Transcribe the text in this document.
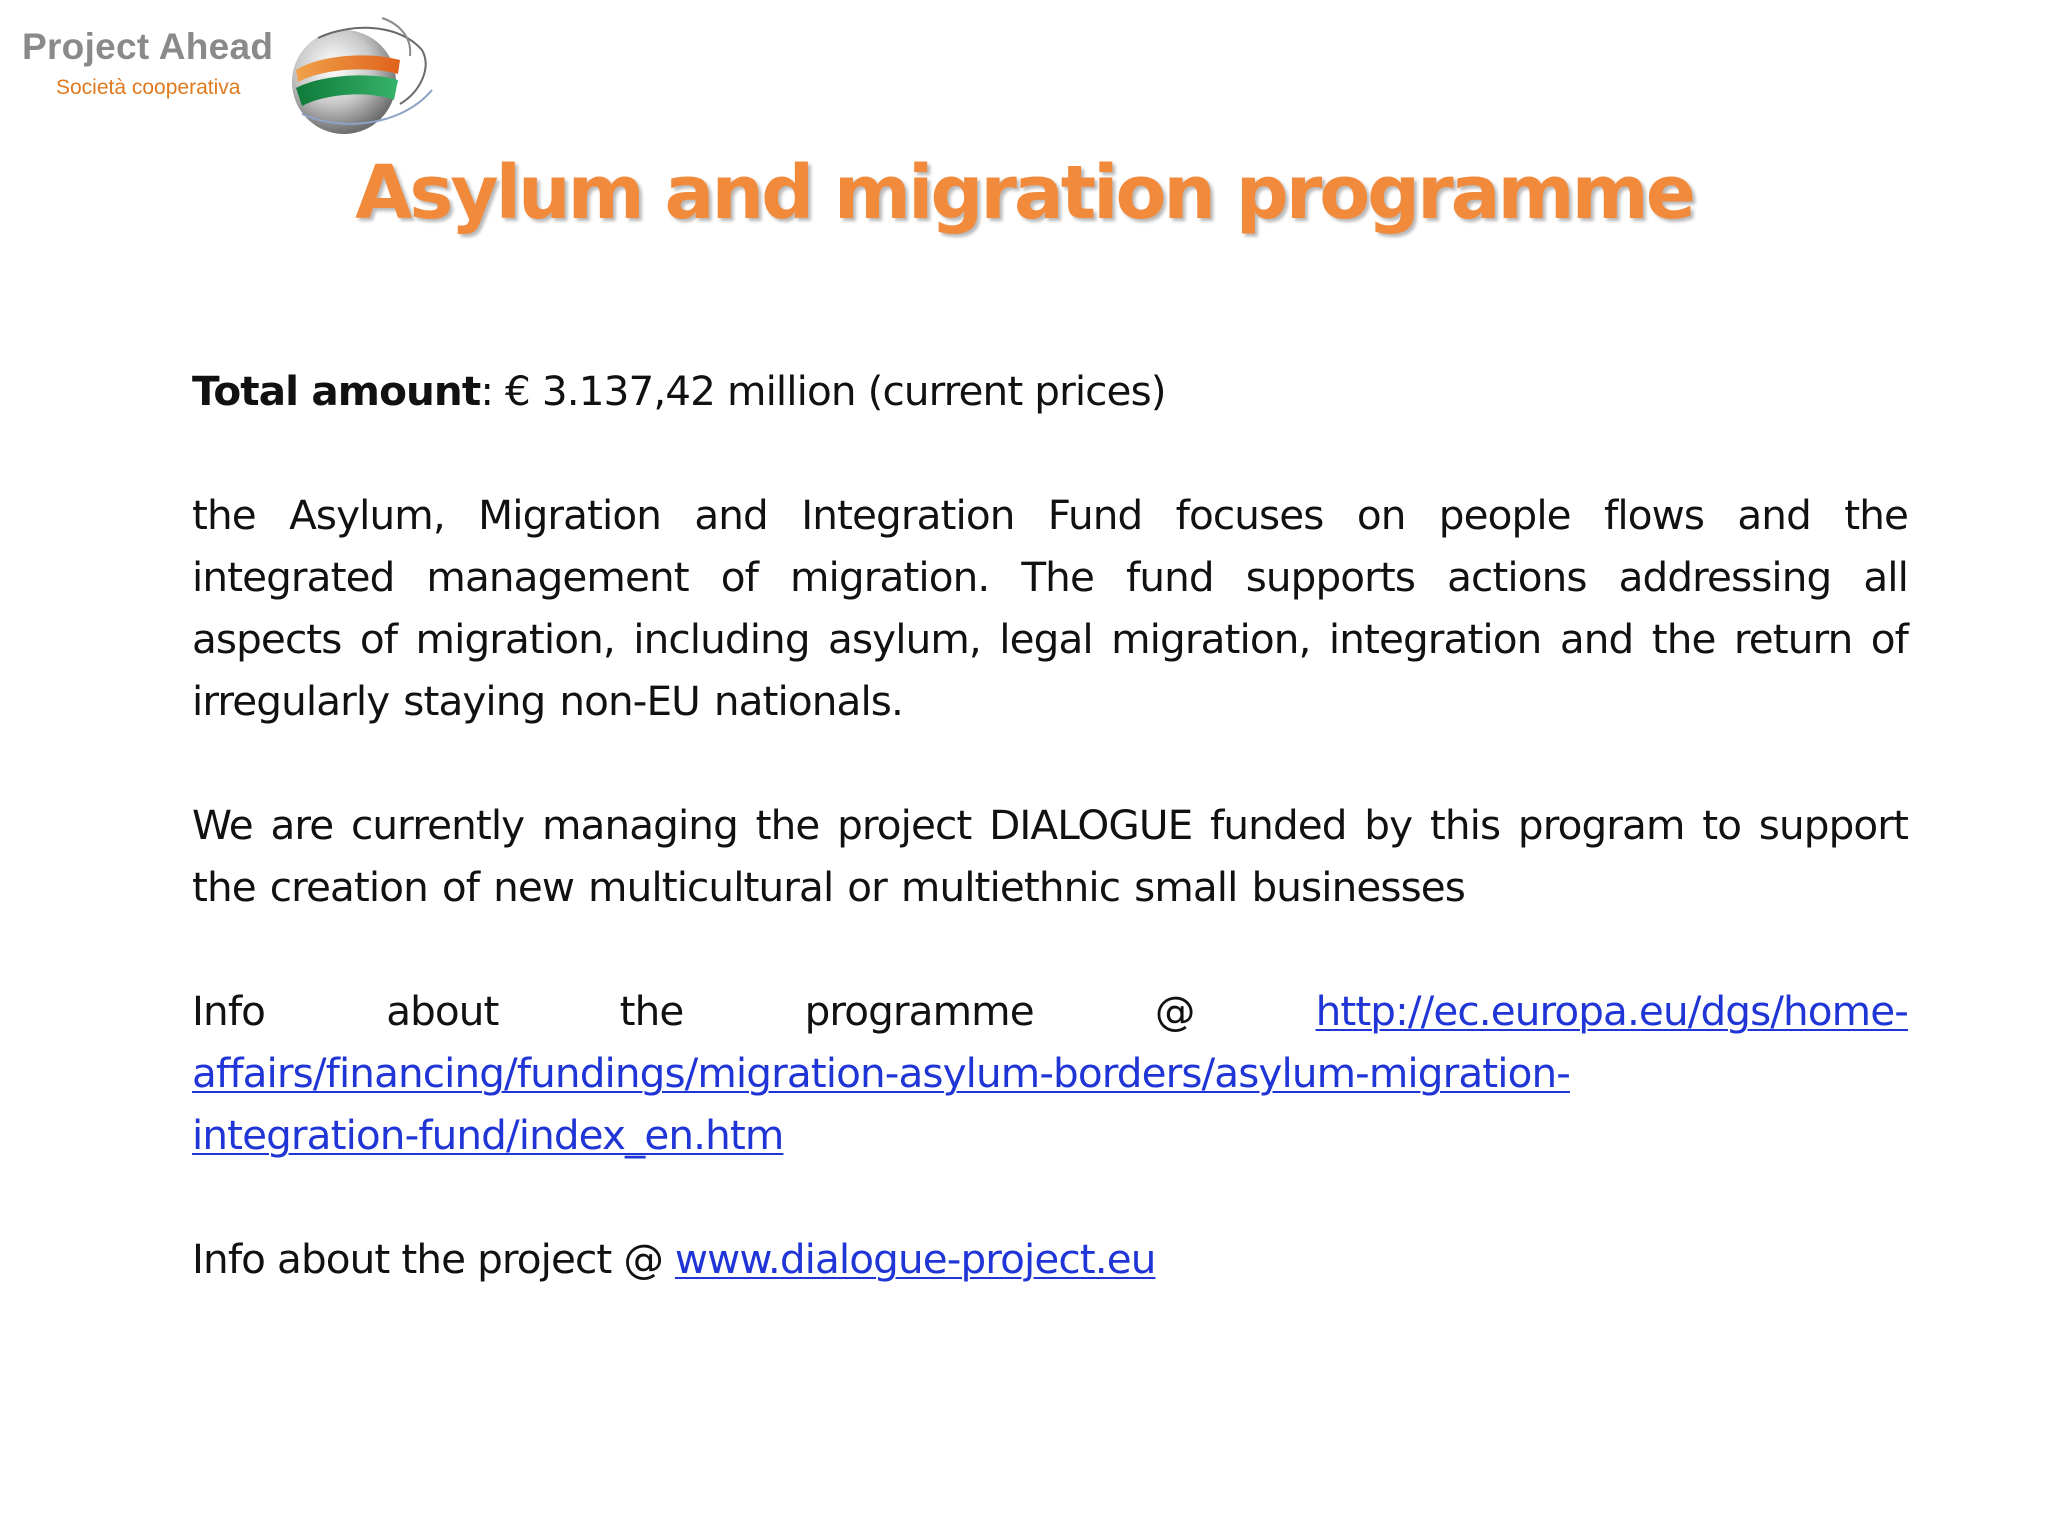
Project Ahead
Società cooperativa
Asylum and migration programme

Total amount: € 3.137,42 million (current prices)

the Asylum, Migration and Integration Fund focuses on people flows and the integrated management of migration. The fund supports actions addressing all aspects of migration, including asylum, legal migration, integration and the return of irregularly staying non-EU nationals.

We are currently managing the project DIALOGUE funded by this program to support the creation of new multicultural or multiethnic small businesses

Info	about	the	programme	@	http://ec.europa.eu/dgs/home-
affairs/financing/fundings/migration-asylum-borders/asylum-migration-
integration-fund/index_en.htm

Info about the project @ www.dialogue-project.eu
